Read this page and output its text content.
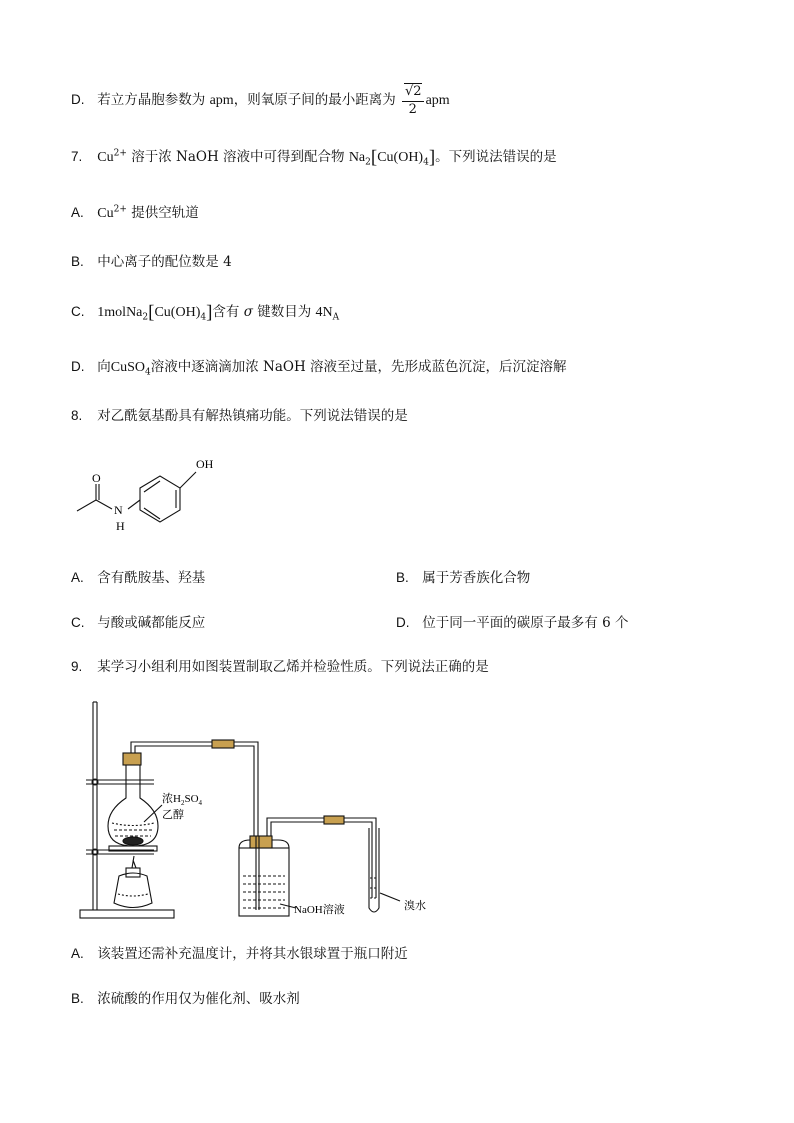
D. 若立方晶胞参数为 apm，则氧原子间的最小距离为 $\frac{√2}{2}$ apm
7. $Cu^{2+}$ 溶于浓 NaOH 溶液中可得到配合物 $Na_2[Cu(OH)_4]$。下列说法错误的是
A. $Cu^{2+}$ 提供空轨道
B. 中心离子的配位数是 4
C. $1molNa_2[Cu(OH)_4]$含有 σ 键数目为 $4N_A$
D. 向CuSO$_4$溶液中逐滴滴加浓 NaOH 溶液至过量，先形成蓝色沉淀，后沉淀溶解
8. 对乙酰氨基酚具有解热镇痛功能。下列说法错误的是
O
N
H
OH
A. 含有酰胺基、羟基	B. 属于芳香族化合物
C. 与酸或碱都能反应	D. 位于同一平面的碳原子最多有 6 个
9. 某学习小组利用如图装置制取乙烯并检验性质。下列说法正确的是
浓$H_2SO_4$
乙醇
NaOH溶液	溴水
A. 该装置还需补充温度计，并将其水银球置于瓶口附近
B. 浓硫酸的作用仅为催化剂、吸水剂
